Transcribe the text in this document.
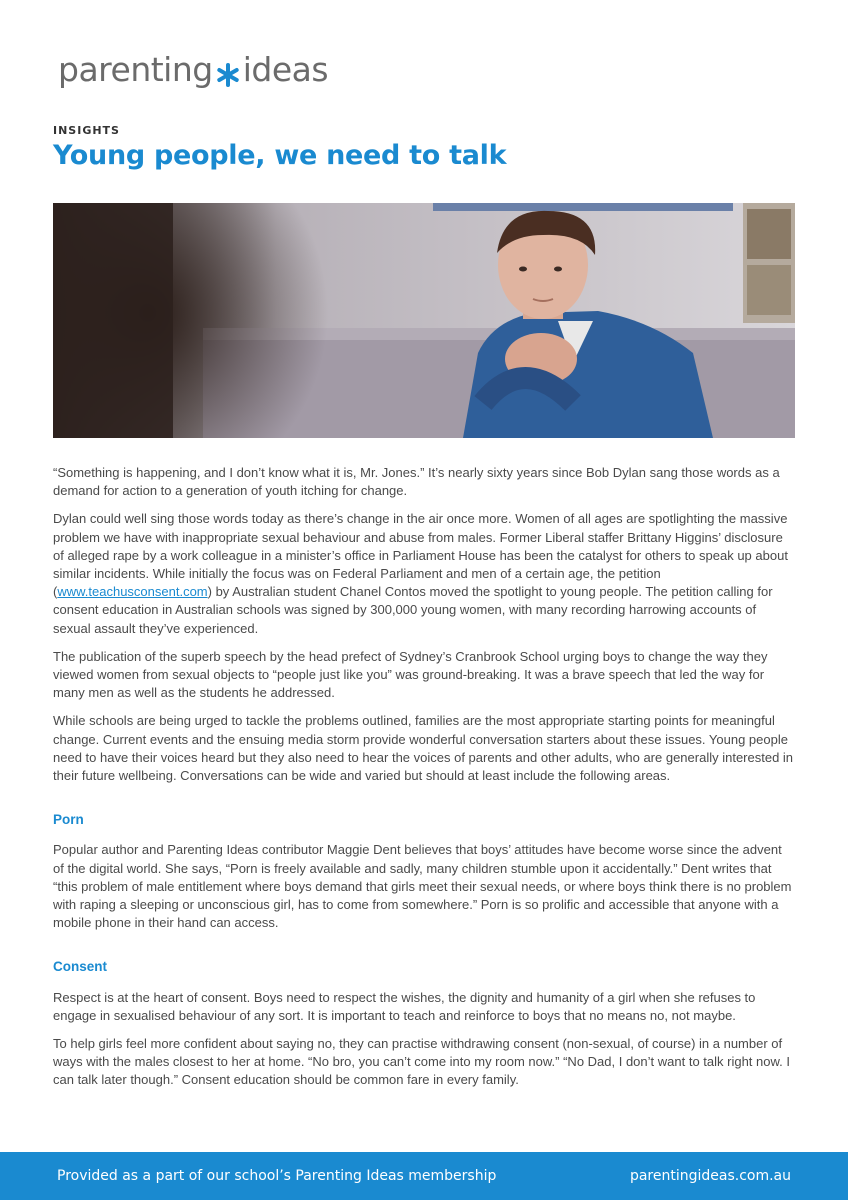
parenting ideas
INSIGHTS
Young people, we need to talk

“Something is happening, and I don’t know what it is, Mr. Jones.” It’s nearly sixty years since Bob Dylan sang those words as a demand for action to a generation of youth itching for change.

Dylan could well sing those words today as there’s change in the air once more. Women of all ages are spotlighting the massive problem we have with inappropriate sexual behaviour and abuse from males. Former Liberal staffer Brittany Higgins’ disclosure of alleged rape by a work colleague in a minister’s office in Parliament House has been the catalyst for others to speak up about similar incidents. While initially the focus was on Federal Parliament and men of a certain age, the petition (www.teachusconsent.com) by Australian student Chanel Contos moved the spotlight to young people. The petition calling for consent education in Australian schools was signed by 300,000 young women, with many recording harrowing accounts of sexual assault they’ve experienced.

The publication of the superb speech by the head prefect of Sydney’s Cranbrook School urging boys to change the way they viewed women from sexual objects to “people just like you” was ground-breaking. It was a brave speech that led the way for many men as well as the students he addressed.

While schools are being urged to tackle the problems outlined, families are the most appropriate starting points for meaningful change. Current events and the ensuing media storm provide wonderful conversation starters about these issues. Young people need to have their voices heard but they also need to hear the voices of parents and other adults, who are generally interested in their future wellbeing. Conversations can be wide and varied but should at least include the following areas.

Porn

Popular author and Parenting Ideas contributor Maggie Dent believes that boys’ attitudes have become worse since the advent of the digital world. She says, “Porn is freely available and sadly, many children stumble upon it accidentally.” Dent writes that “this problem of male entitlement where boys demand that girls meet their sexual needs, or where boys think there is no problem with raping a sleeping or unconscious girl, has to come from somewhere.” Porn is so prolific and accessible that anyone with a mobile phone in their hand can access.

Consent

Respect is at the heart of consent. Boys need to respect the wishes, the dignity and humanity of a girl when she refuses to engage in sexualised behaviour of any sort. It is important to teach and reinforce to boys that no means no, not maybe.

To help girls feel more confident about saying no, they can practise withdrawing consent (non-sexual, of course) in a number of ways with the males closest to her at home. “No bro, you can’t come into my room now.” “No Dad, I don’t want to talk right now. I can talk later though.” Consent education should be common fare in every family.

Provided as a part of our school’s Parenting Ideas membership	parentingideas.com.au
